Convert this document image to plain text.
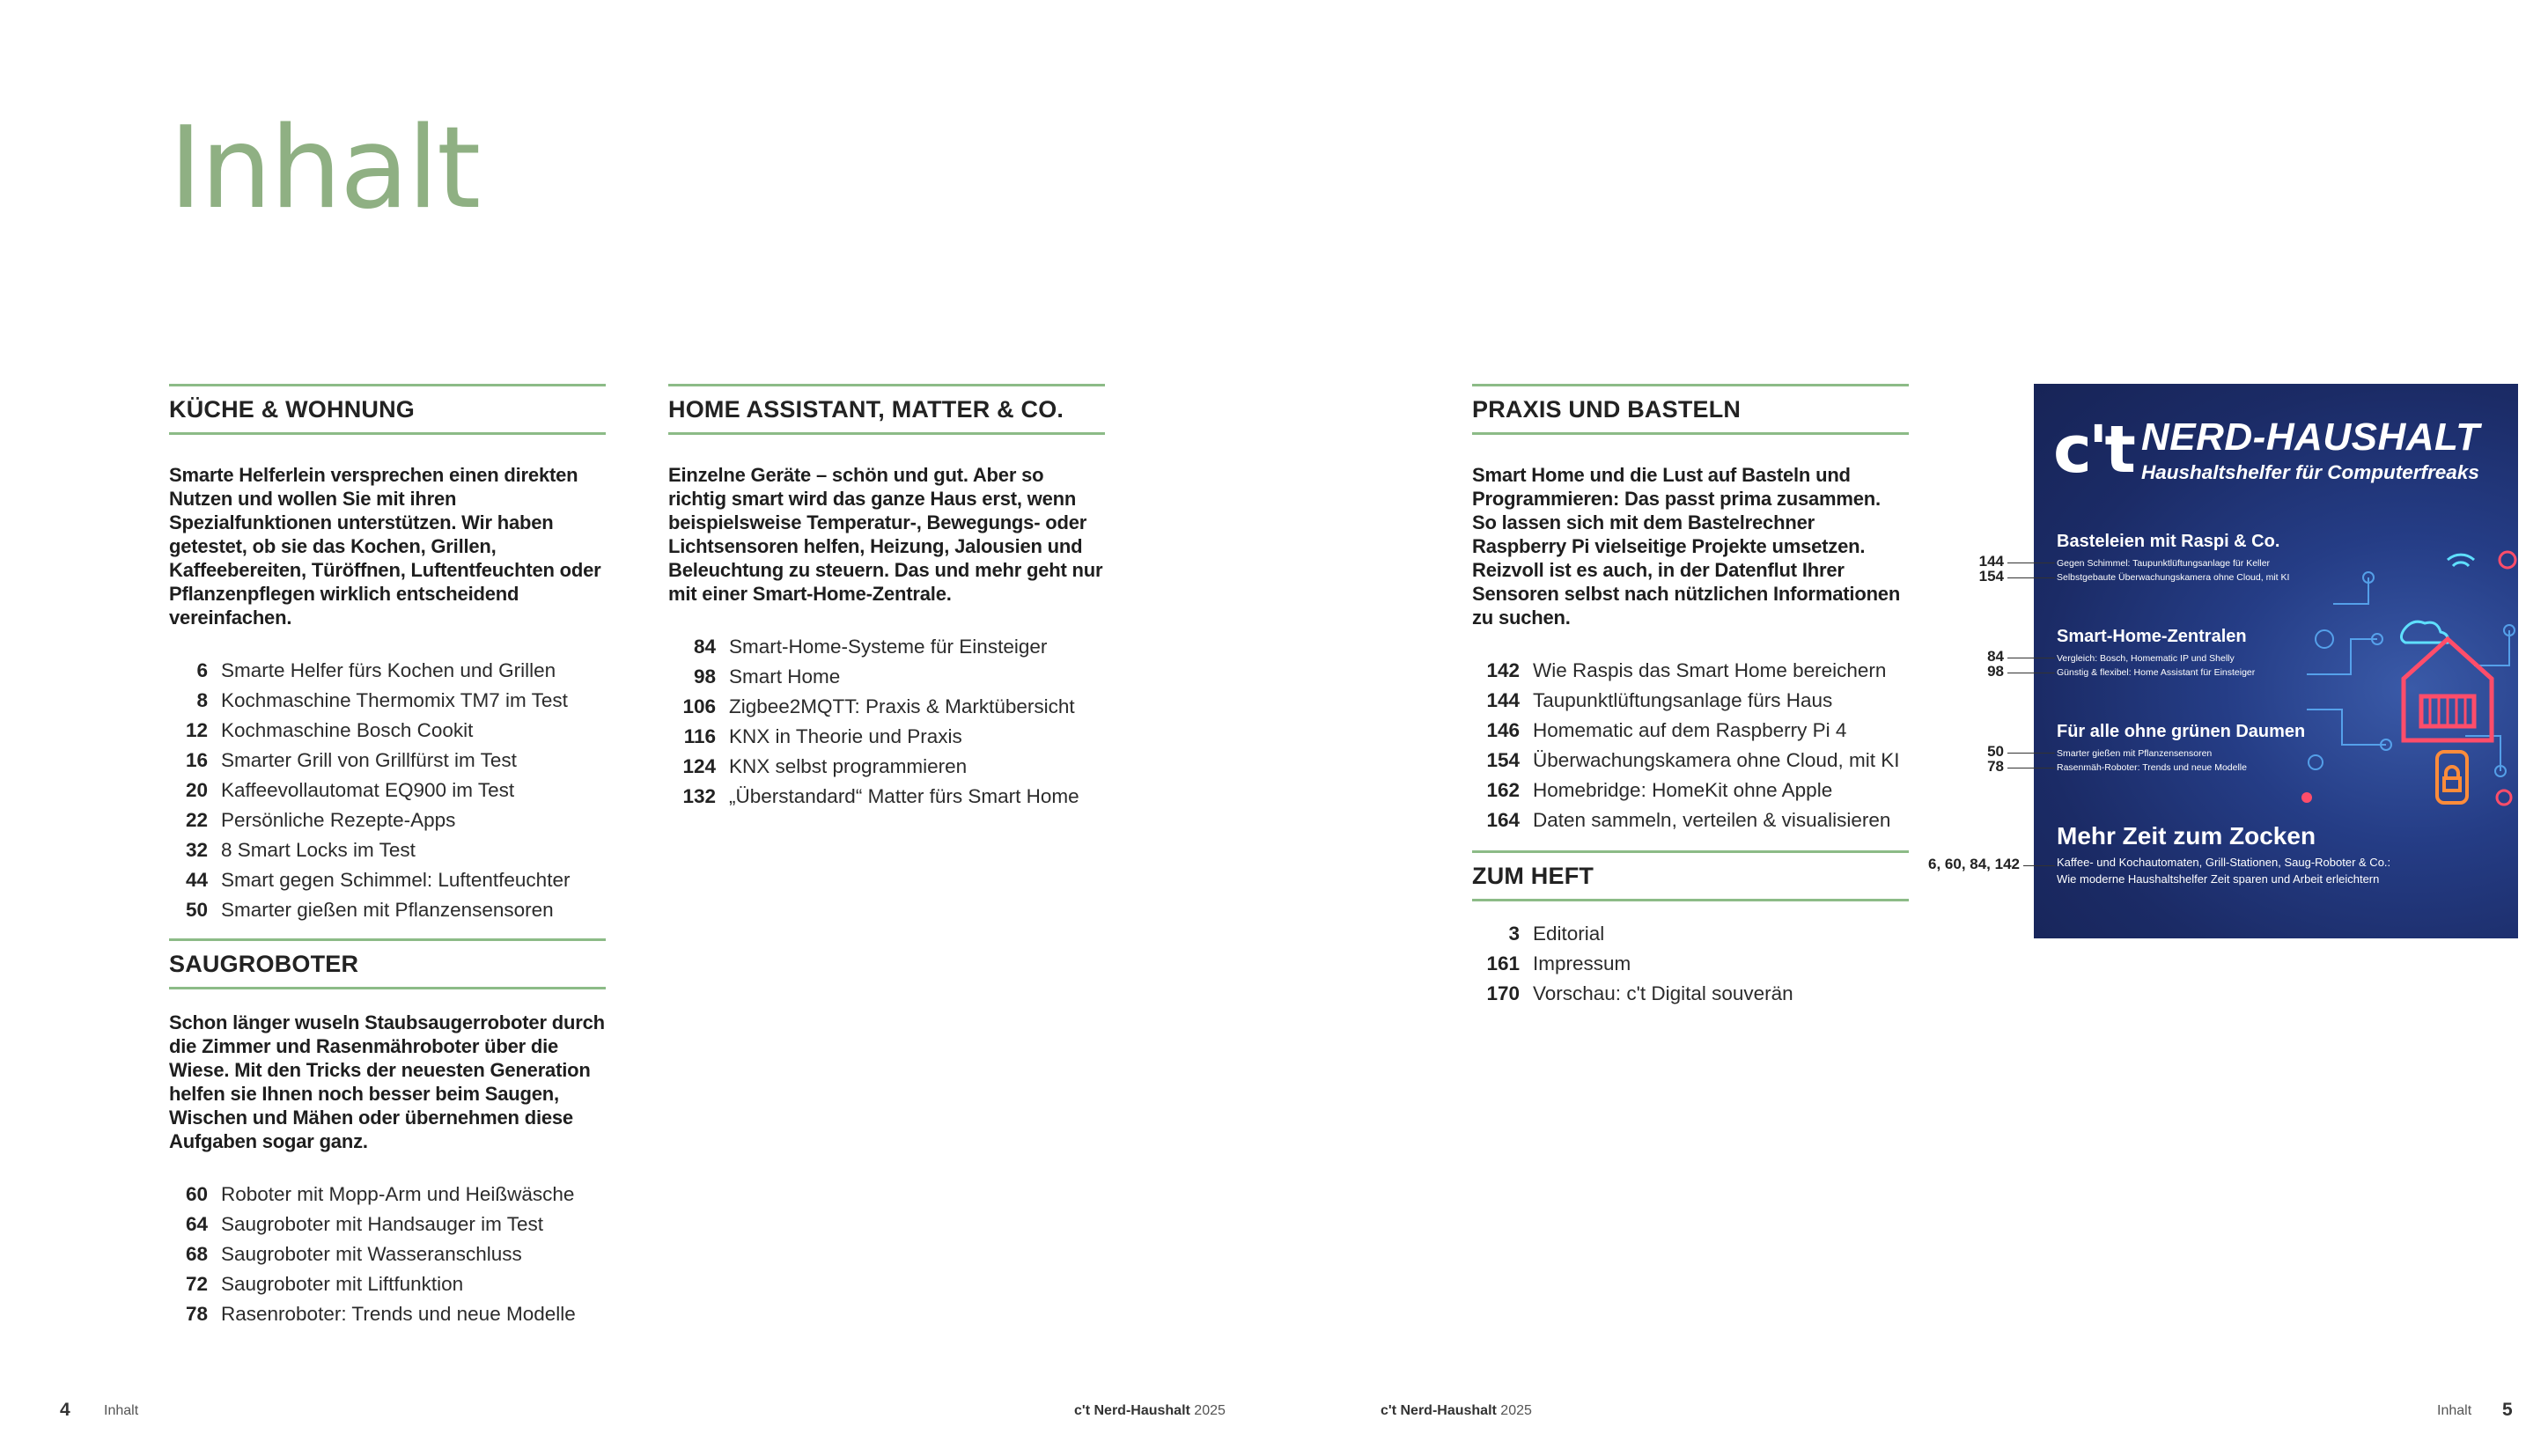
Inhalt
KÜCHE & WOHNUNG

Smarte Helferlein versprechen einen direkten Nutzen und wollen Sie mit ihren Spezialfunktionen unterstützen. Wir haben getestet, ob sie das Kochen, Grillen, Kaffeebereiten, Türöffnen, Luftentfeuchten oder Pflanzenpflegen wirklich entscheidend vereinfachen.

6 Smarte Helfer fürs Kochen und Grillen
8 Kochmaschine Thermomix TM7 im Test
12 Kochmaschine Bosch Cookit
16 Smarter Grill von Grillfürst im Test
20 Kaffeevollautomat EQ900 im Test
22 Persönliche Rezepte-Apps
32 8 Smart Locks im Test
44 Smart gegen Schimmel: Luftentfeuchter
50 Smarter gießen mit Pflanzensensoren
SAUGROBOTER

Schon länger wuseln Staubsaugerroboter durch die Zimmer und Rasenmähroboter über die Wiese. Mit den Tricks der neuesten Generation helfen sie Ihnen noch besser beim Saugen, Wischen und Mähen oder übernehmen diese Aufgaben sogar ganz.

60 Roboter mit Mopp-Arm und Heißwäsche
64 Saugroboter mit Handsauger im Test
68 Saugroboter mit Wasseranschluss
72 Saugroboter mit Liftfunktion
78 Rasenroboter: Trends und neue Modelle
HOME ASSISTANT, MATTER & CO.

Einzelne Geräte – schön und gut. Aber so richtig smart wird das ganze Haus erst, wenn beispielsweise Temperatur-, Bewegungs- oder Lichtsensoren helfen, Heizung, Jalousien und Beleuchtung zu steuern. Das und mehr geht nur mit einer Smart-Home-Zentrale.

84 Smart-Home-Systeme für Einsteiger
98 Smart Home
106 Zigbee2MQTT: Praxis & Marktübersicht
116 KNX in Theorie und Praxis
124 KNX selbst programmieren
132 „Überstandard“ Matter fürs Smart Home
PRAXIS UND BASTELN

Smart Home und die Lust auf Basteln und Programmieren: Das passt prima zusammen. So lassen sich mit dem Bastelrechner Raspberry Pi vielseitige Projekte umsetzen. Reizvoll ist es auch, in der Datenflut Ihrer Sensoren selbst nach nützlichen Informationen zu suchen.

142 Wie Raspis das Smart Home bereichern
144 Taupunktlüftungsanlage fürs Haus
146 Homematic auf dem Raspberry Pi 4
154 Überwachungskamera ohne Cloud, mit KI
162 Homebridge: HomeKit ohne Apple
164 Daten sammeln, verteilen & visualisieren
ZUM HEFT
3 Editorial
161 Impressum
170 Vorschau: c't Digital souverän
c't NERD-HAUSHALT
Haushaltshelfer für Computerfreaks
Basteleien mit Raspi & Co.
Gegen Schimmel: Taupunktlüftungsanlage für Keller
Selbstgebaute Überwachungskamera ohne Cloud, mit KI
Smart-Home-Zentralen
Vergleich: Bosch, Homematic IP und Shelly
Günstig & flexibel: Home Assistant für Einsteiger
Für alle ohne grünen Daumen
Smarter gießen mit Pflanzensensoren
Rasenmäh-Roboter: Trends und neue Modelle
Mehr Zeit zum Zocken
Kaffee- und Kochautomaten, Grill-Stationen, Saug-Roboter & Co.:
Wie moderne Haushaltshelfer Zeit sparen und Arbeit erleichtern
144
154
84
98
50
78
6, 60, 84, 142
4 Inhalt	c't Nerd-Haushalt 2025	c't Nerd-Haushalt 2025	Inhalt 5
